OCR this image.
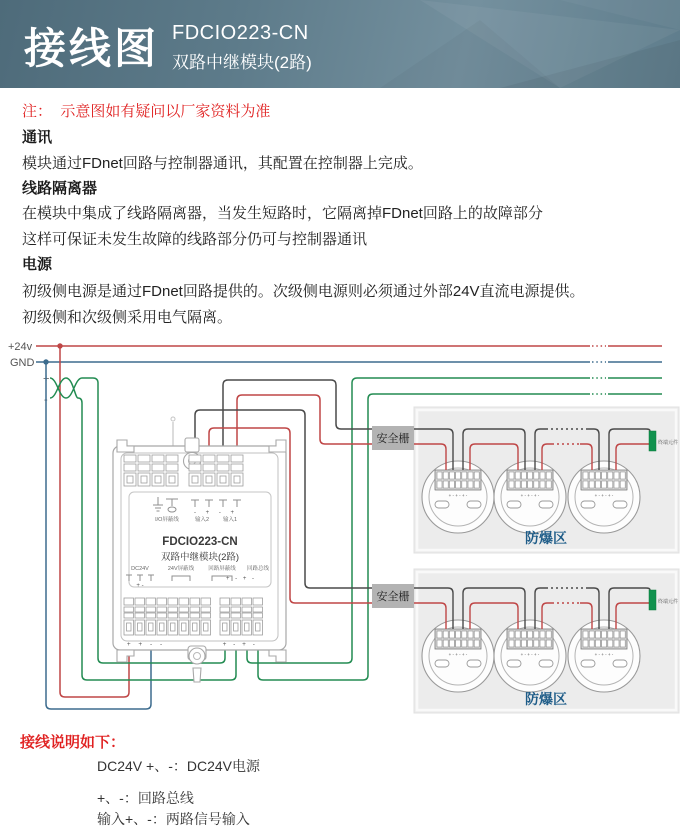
接线图 FDCIO223-CN
双路中继模块(2路)
注：  示意图如有疑问以厂家资料为准
通讯
模块通过FDnet回路与控制器通讯，其配置在控制器上完成。
线路隔离器
在模块中集成了线路隔离器，当发生短路时，它隔离掉FDnet回路上的故障部分
这样可保证未发生故障的线路部分仍可与控制器通讯
电源
初级侧电源是通过FDnet回路提供的。次级侧电源则必须通过外部24V直流电源提供。
初级侧和次级侧采用电气隔离。
接线说明如下：
DC24V +、-：DC24V电源
+、-：回路总线
输入+、-：两路信号输入
+ - + - + -	+ - + - + -	+ - + - + -
+ - + - + -	+ - + - + -	+ - + - + -
+24v
GND
+
-
安全栅
安全栅
终端元件
终端元件
防爆区
防爆区
- + - +
I/O屏蔽线	输入2	输入1
FDCIO223-CN
双路中继模块(2路)
DC24V	24V屏蔽线	回路屏蔽线 回路总线
+ -
+ - + -
+ + - -	+ - + -
